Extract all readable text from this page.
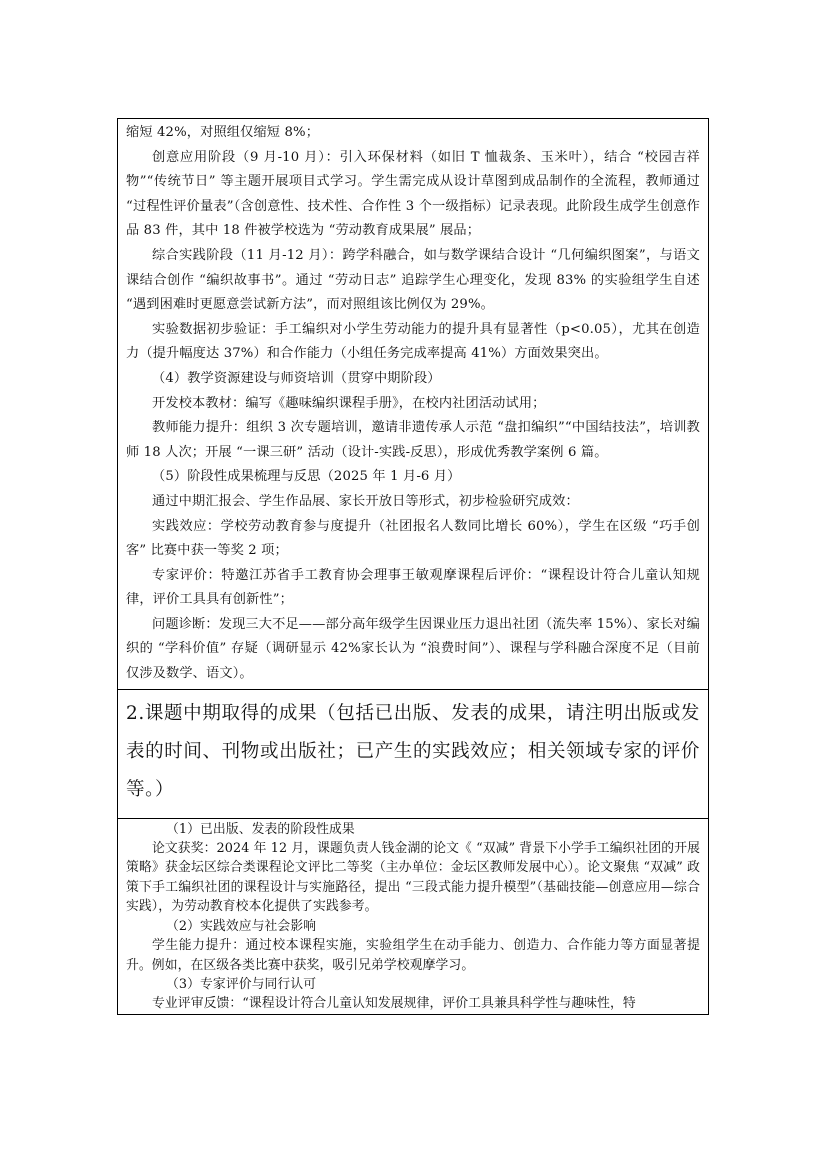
缩短 42%，对照组仅缩短 8%；

创意应用阶段（9 月-10 月）：引入环保材料（如旧 T 恤裁条、玉米叶），结合 “校园吉祥物”“传统节日” 等主题开展项目式学习。学生需完成从设计草图到成品制作的全流程，教师通过 “过程性评价量表”（含创意性、技术性、合作性 3 个一级指标）记录表现。此阶段生成学生创意作品 83 件，其中 18 件被学校选为 “劳动教育成果展” 展品；

综合实践阶段（11 月-12 月）：跨学科融合，如与数学课结合设计 “几何编织图案”，与语文课结合创作 “编织故事书”。通过 “劳动日志” 追踪学生心理变化，发现 83% 的实验组学生自述 “遇到困难时更愿意尝试新方法”，而对照组该比例仅为 29%。

实验数据初步验证：手工编织对小学生劳动能力的提升具有显著性（p<0.05），尤其在创造力（提升幅度达 37%）和合作能力（小组任务完成率提高 41%）方面效果突出。

（4）教学资源建设与师资培训（贯穿中期阶段）

开发校本教材：编写《趣味编织课程手册》，在校内社团活动试用；

教师能力提升：组织 3 次专题培训，邀请非遗传承人示范 “盘扣编织”“中国结技法”，培训教师 18 人次；开展 “一课三研” 活动（设计-实践-反思），形成优秀教学案例 6 篇。

（5）阶段性成果梳理与反思（2025 年 1 月-6 月）

通过中期汇报会、学生作品展、家长开放日等形式，初步检验研究成效：

实践效应：学校劳动教育参与度提升（社团报名人数同比增长 60%），学生在区级 “巧手创客” 比赛中获一等奖 2 项；

专家评价：特邀江苏省手工教育协会理事王敏观摩课程后评价：“课程设计符合儿童认知规律，评价工具具有创新性”；

问题诊断：发现三大不足——部分高年级学生因课业压力退出社团（流失率 15%）、家长对编织的 “学科价值” 存疑（调研显示 42%家长认为 “浪费时间”）、课程与学科融合深度不足（目前仅涉及数学、语文）。

2.课题中期取得的成果（包括已出版、发表的成果，请注明出版或发表的时间、刊物或出版社；已产生的实践效应；相关领域专家的评价等。）

（1）已出版、发表的阶段性成果

论文获奖：2024 年 12 月，课题负责人钱金湖的论文《 “双减” 背景下小学手工编织社团的开展策略》获金坛区综合类课程论文评比二等奖（主办单位：金坛区教师发展中心）。论文聚焦 “双减” 政策下手工编织社团的课程设计与实施路径，提出 “三段式能力提升模型”（基础技能—创意应用—综合实践），为劳动教育校本化提供了实践参考。

（2）实践效应与社会影响

学生能力提升：通过校本课程实施，实验组学生在动手能力、创造力、合作能力等方面显著提升。例如，在区级各类比赛中获奖，吸引兄弟学校观摩学习。

（3）专家评价与同行认可

专业评审反馈：“课程设计符合儿童认知发展规律，评价工具兼具科学性与趣味性，特
